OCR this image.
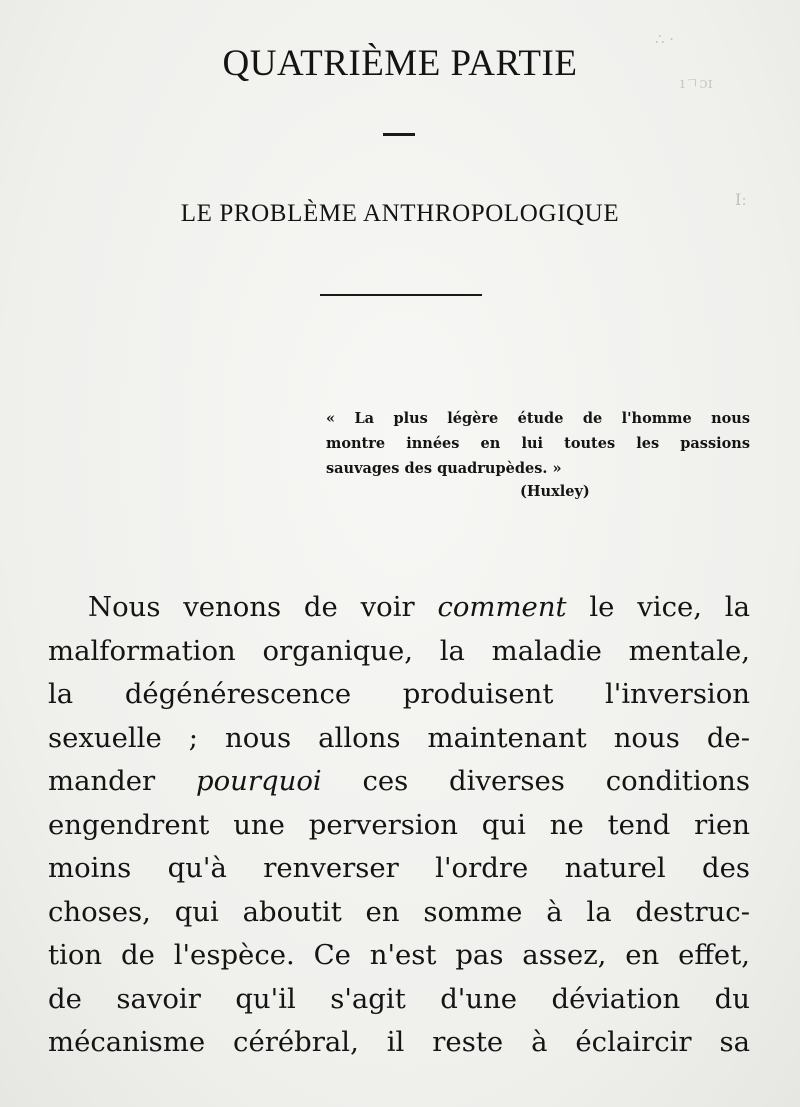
∴ ·
ıㄱɔɪ
Iː
QUATRIÈME PARTIE
LE PROBLÈME ANTHROPOLOGIQUE
« La plus légère étude de l'homme nous
montre innées en lui toutes les passions
sauvages des quadrupèdes. »
(Huxley)
Nous venons de voir comment le vice, la
malformation organique, la maladie mentale,
la dégénérescence produisent l'inversion
sexuelle ; nous allons maintenant nous de-
mander pourquoi ces diverses conditions
engendrent une perversion qui ne tend rien
moins qu'à renverser l'ordre naturel des
choses, qui aboutit en somme à la destruc-
tion de l'espèce. Ce n'est pas assez, en effet,
de savoir qu'il s'agit d'une déviation du
mécanisme cérébral, il reste à éclaircir sa
